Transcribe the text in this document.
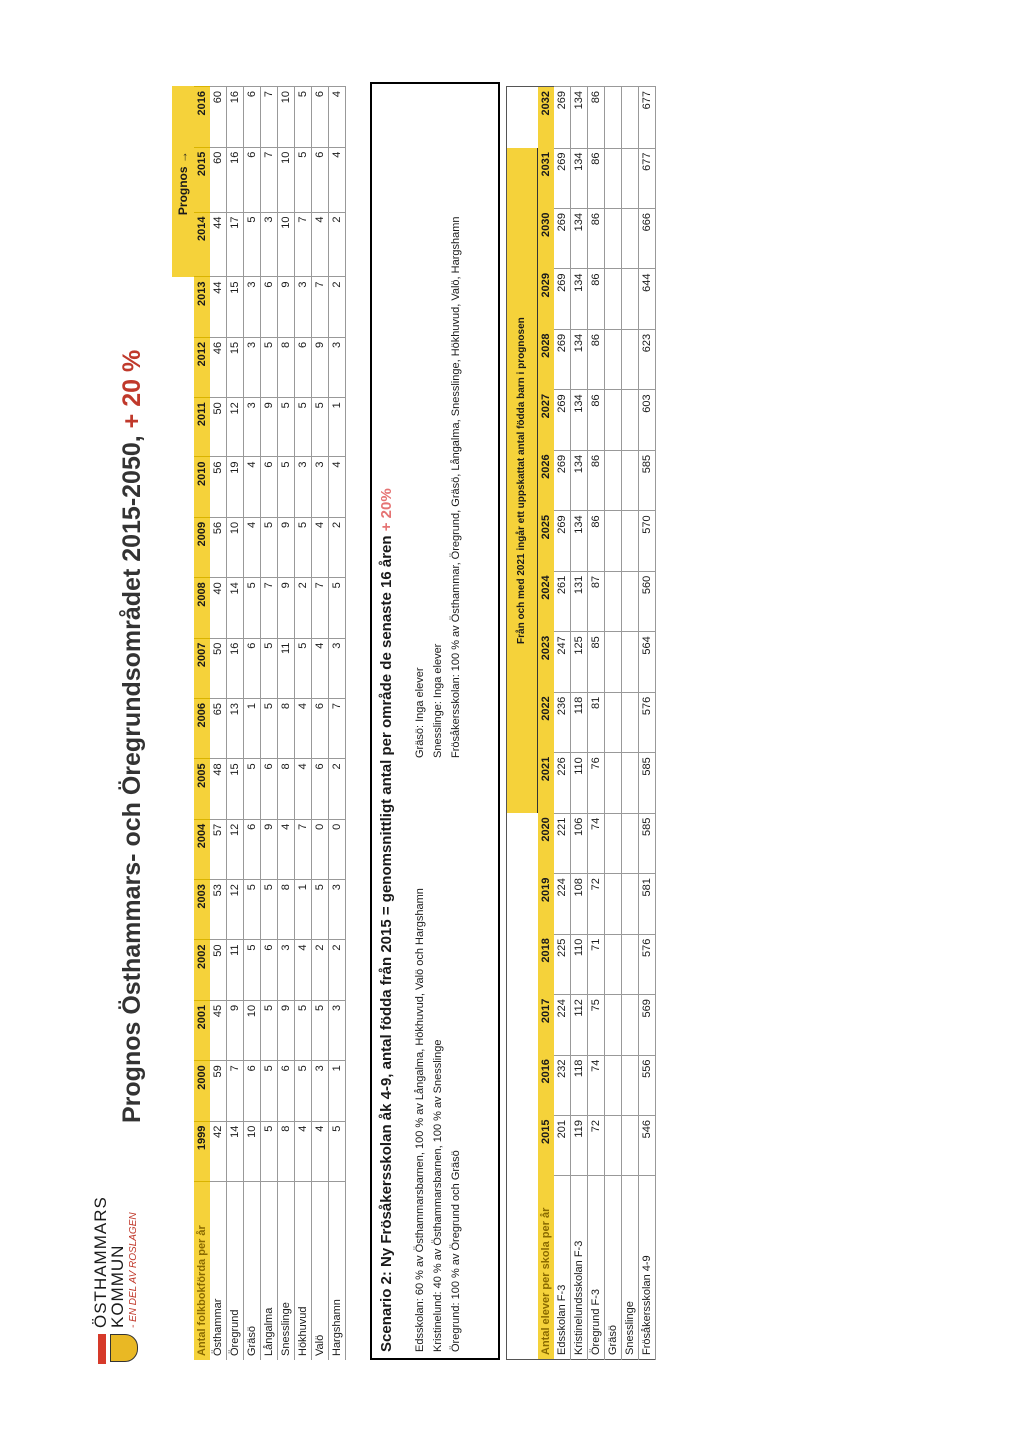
ÖSTHAMMARS
KOMMUN - EN DEL AV ROSLAGEN
Prognos Östhammars- och Öregrundsområdet 2015-2050, + 20 %
																Prognos →		
Antal folkbokförda per år	1999	2000	2001	2002	2003	2004	2005	2006	2007	2008	2009	2010	2011	2012	2013	2014	2015	2016
Östhammar	42	59	45	50	53	57	48	65	50	40	56	56	50	46	44	44	60	60
Öregrund	14	7	9	11	12	12	15	13	16	14	10	19	12	15	15	17	16	16
Gräsö	10	6	10	5	5	6	5	1	6	5	4	4	3	3	3	5	6	6
Långalma	5	5	5	6	5	9	6	5	5	7	5	6	9	5	6	3	7	7
Snesslinge	8	6	9	3	8	4	8	8	11	9	9	5	5	8	9	10	10	10
Hökhuvud	4	5	5	4	1	7	4	4	5	2	5	3	5	6	3	7	5	5
Valö	4	3	5	2	5	0	6	6	4	7	4	3	5	9	7	4	6	6
Hargshamn	5	1	3	2	3	0	2	7	3	5	2	4	1	3	2	2	4	4
Scenario 2: Ny Frösåkersskolan åk 4-9, antal födda från 2015 = genomsnittligt antal per område de senaste 16 åren + 20%
Edsskolan: 60 % av Östhammarsbarnen, 100 % av Långalma, Hökhuvud, Valö och Hargshamn Kristinelund: 40 % av Östhammarsbarnen, 100 % av Snesslinge Öregrund: 100 % av Öregrund och Gräsö
Gräsö: Inga elever Snesslinge: Inga elever Frösåkersskolan: 100 % av Östhammar, Öregrund, Gräsö, Långalma, Snesslinge, Hökhuvud, Valö, Hargshamn
							Från och med 2021 ingår ett uppskattat antal födda barn i prognosen											
Antal elever per skola per år	2015	2016	2017	2018	2019	2020	2021	2022	2023	2024	2025	2026	2027	2028	2029	2030	2031	2032
Edsskolan F-3	201	232	224	225	224	221	226	236	247	261	269	269	269	269	269	269	269	269
Kristinelundsskolan F-3	119	118	112	110	108	106	110	118	125	131	134	134	134	134	134	134	134	134
Öregrund F-3	72	74	75	71	72	74	76	81	85	87	86	86	86	86	86	86	86	86
Gräsö																		
Snesslinge																		
Frösåkersskolan 4-9	546	556	569	576	581	585	585	576	564	560	570	585	603	623	644	666	677	677
